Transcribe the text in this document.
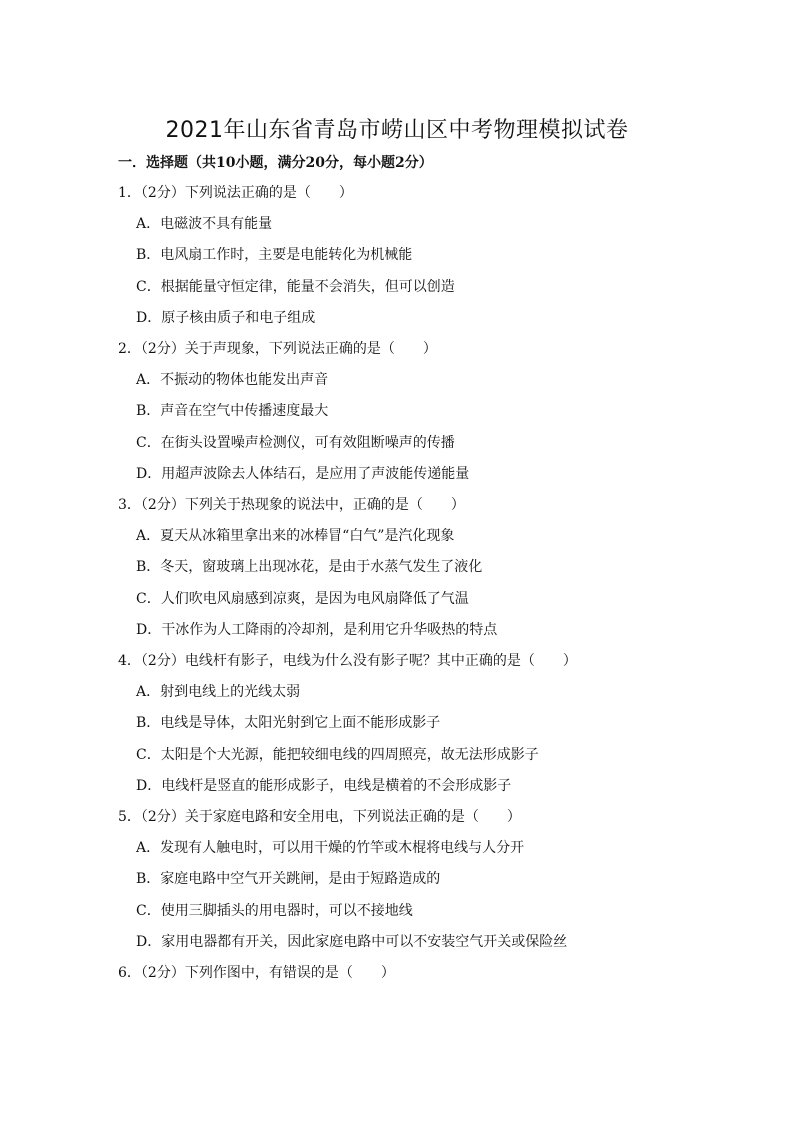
2021年山东省青岛市崂山区中考物理模拟试卷
一．选择题（共10小题，满分20分，每小题2分）
1．（2分）下列说法正确的是（　　）
A．电磁波不具有能量
B．电风扇工作时，主要是电能转化为机械能
C．根据能量守恒定律，能量不会消失，但可以创造
D．原子核由质子和电子组成
2．（2分）关于声现象，下列说法正确的是（　　）
A．不振动的物体也能发出声音
B．声音在空气中传播速度最大
C．在街头设置噪声检测仪，可有效阻断噪声的传播
D．用超声波除去人体结石，是应用了声波能传递能量
3．（2分）下列关于热现象的说法中，正确的是（　　）
A．夏天从冰箱里拿出来的冰棒冒“白气”是汽化现象
B．冬天，窗玻璃上出现冰花，是由于水蒸气发生了液化
C．人们吹电风扇感到凉爽，是因为电风扇降低了气温
D．干冰作为人工降雨的冷却剂，是利用它升华吸热的特点
4．（2分）电线杆有影子，电线为什么没有影子呢？其中正确的是（　　）
A．射到电线上的光线太弱
B．电线是导体，太阳光射到它上面不能形成影子
C．太阳是个大光源，能把较细电线的四周照亮，故无法形成影子
D．电线杆是竖直的能形成影子，电线是横着的不会形成影子
5．（2分）关于家庭电路和安全用电，下列说法正确的是（　　）
A．发现有人触电时，可以用干燥的竹竿或木棍将电线与人分开
B．家庭电路中空气开关跳闸，是由于短路造成的
C．使用三脚插头的用电器时，可以不接地线
D．家用电器都有开关，因此家庭电路中可以不安装空气开关或保险丝
6．（2分）下列作图中，有错误的是（　　）
